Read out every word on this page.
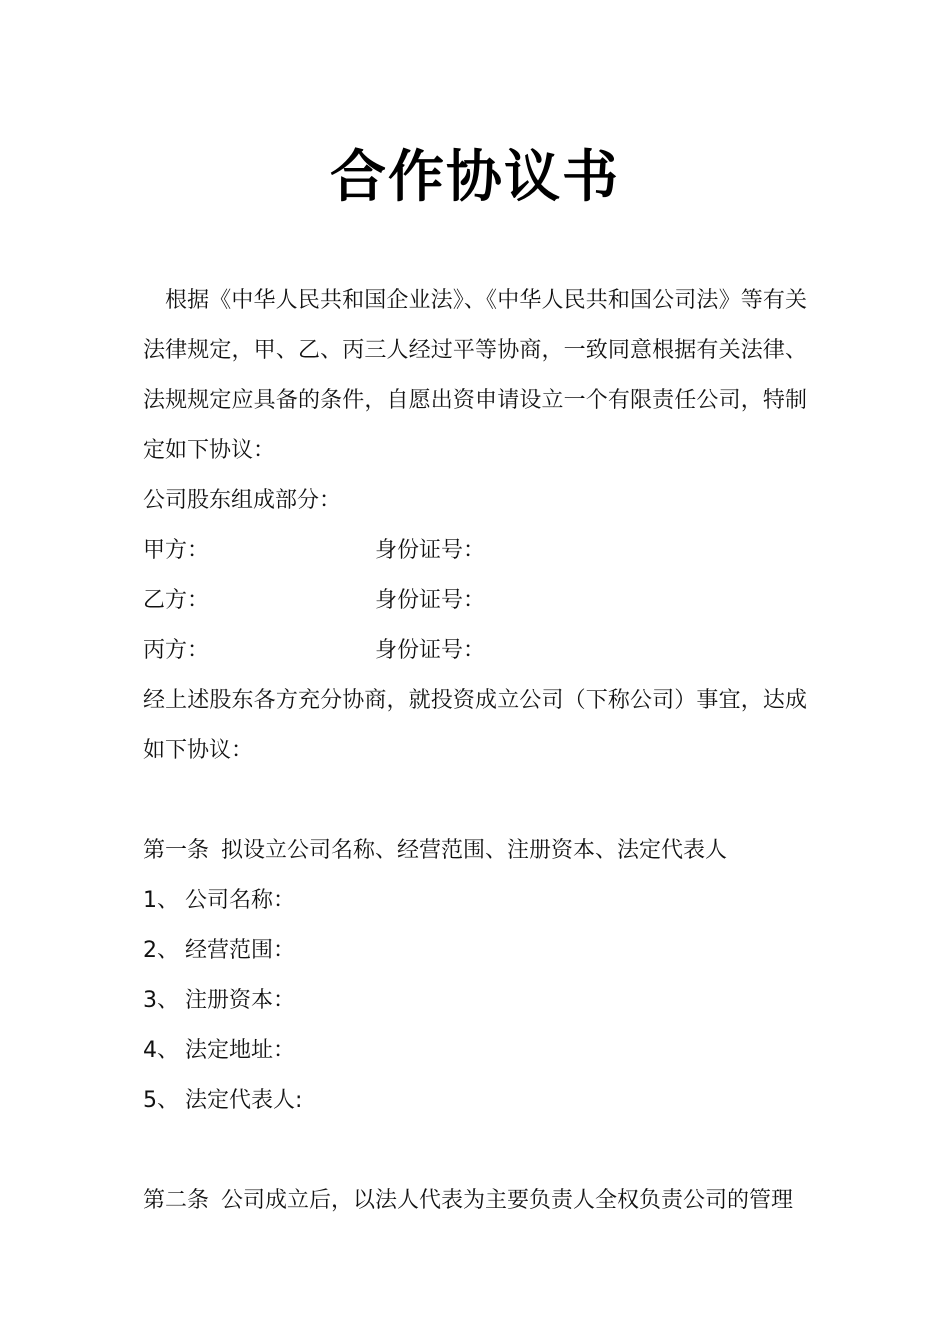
合作协议书

根据《中华人民共和国企业法》、《中华人民共和国公司法》等有关法律规定，甲、乙、丙三人经过平等协商，一致同意根据有关法律、法规规定应具备的条件，自愿出资申请设立一个有限责任公司，特制定如下协议：

公司股东组成部分：
甲方：	身份证号：
乙方：	身份证号：
丙方：	身份证号：

经上述股东各方充分协商，就投资成立公司（下称公司）事宜，达成如下协议：

第一条 拟设立公司名称、经营范围、注册资本、法定代表人
1、 公司名称：
2、 经营范围：
3、 注册资本：
4、 法定地址：
5、 法定代表人:
第二条 公司成立后，以法人代表为主要负责人全权负责公司的管理
